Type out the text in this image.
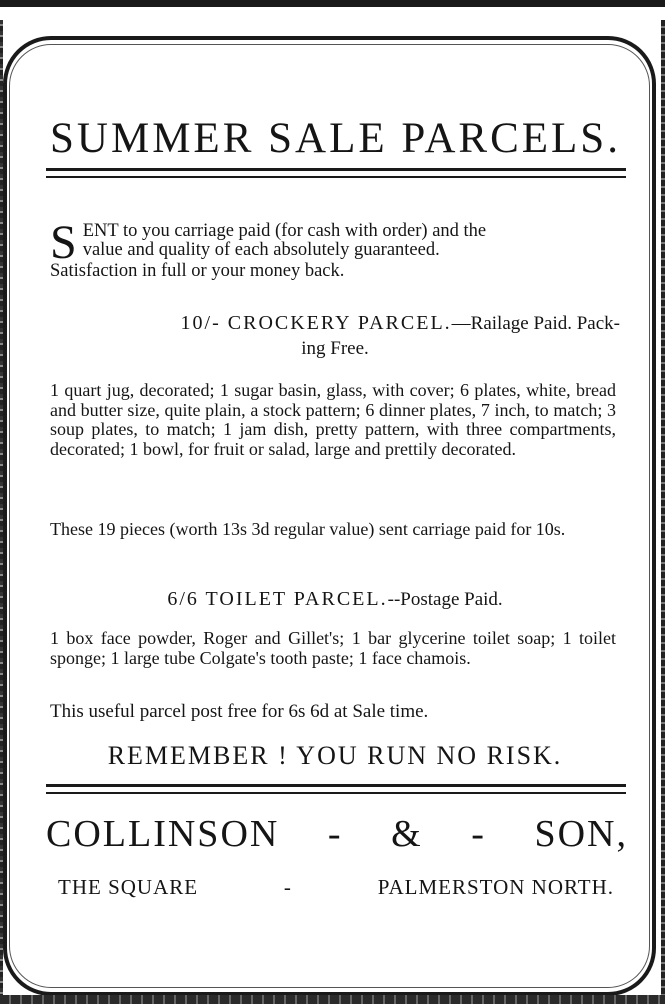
SUMMER SALE PARCELS.

S ENT to you carriage paid (for cash with order) and the
value and quality of each absolutely guaranteed.
Satisfaction in full or your money back.

10/- CROCKERY PARCEL.—Railage Paid. Pack-

ing Free.

1 quart jug, decorated; 1 sugar basin, glass, with cover; 6 plates, white, bread and butter size, quite plain, a stock pattern; 6 dinner plates, 7 inch, to match; 3 soup plates, to match; 1 jam dish, pretty pattern, with three compartments, decorated; 1 bowl, for fruit or salad, large and prettily decorated.

These 19 pieces (worth 13s 3d regular value) sent carriage paid for 10s.

6/6 TOILET PARCEL.--Postage Paid.

1 box face powder, Roger and Gillet's; 1 bar glycerine toilet soap; 1 toilet sponge; 1 large tube Colgate's tooth paste; 1 face chamois.

This useful parcel post free for 6s 6d at Sale time.

REMEMBER ! YOU RUN NO RISK.

COLLINSON - & - SON,
THE SQUARE	-	PALMERSTON NORTH.
